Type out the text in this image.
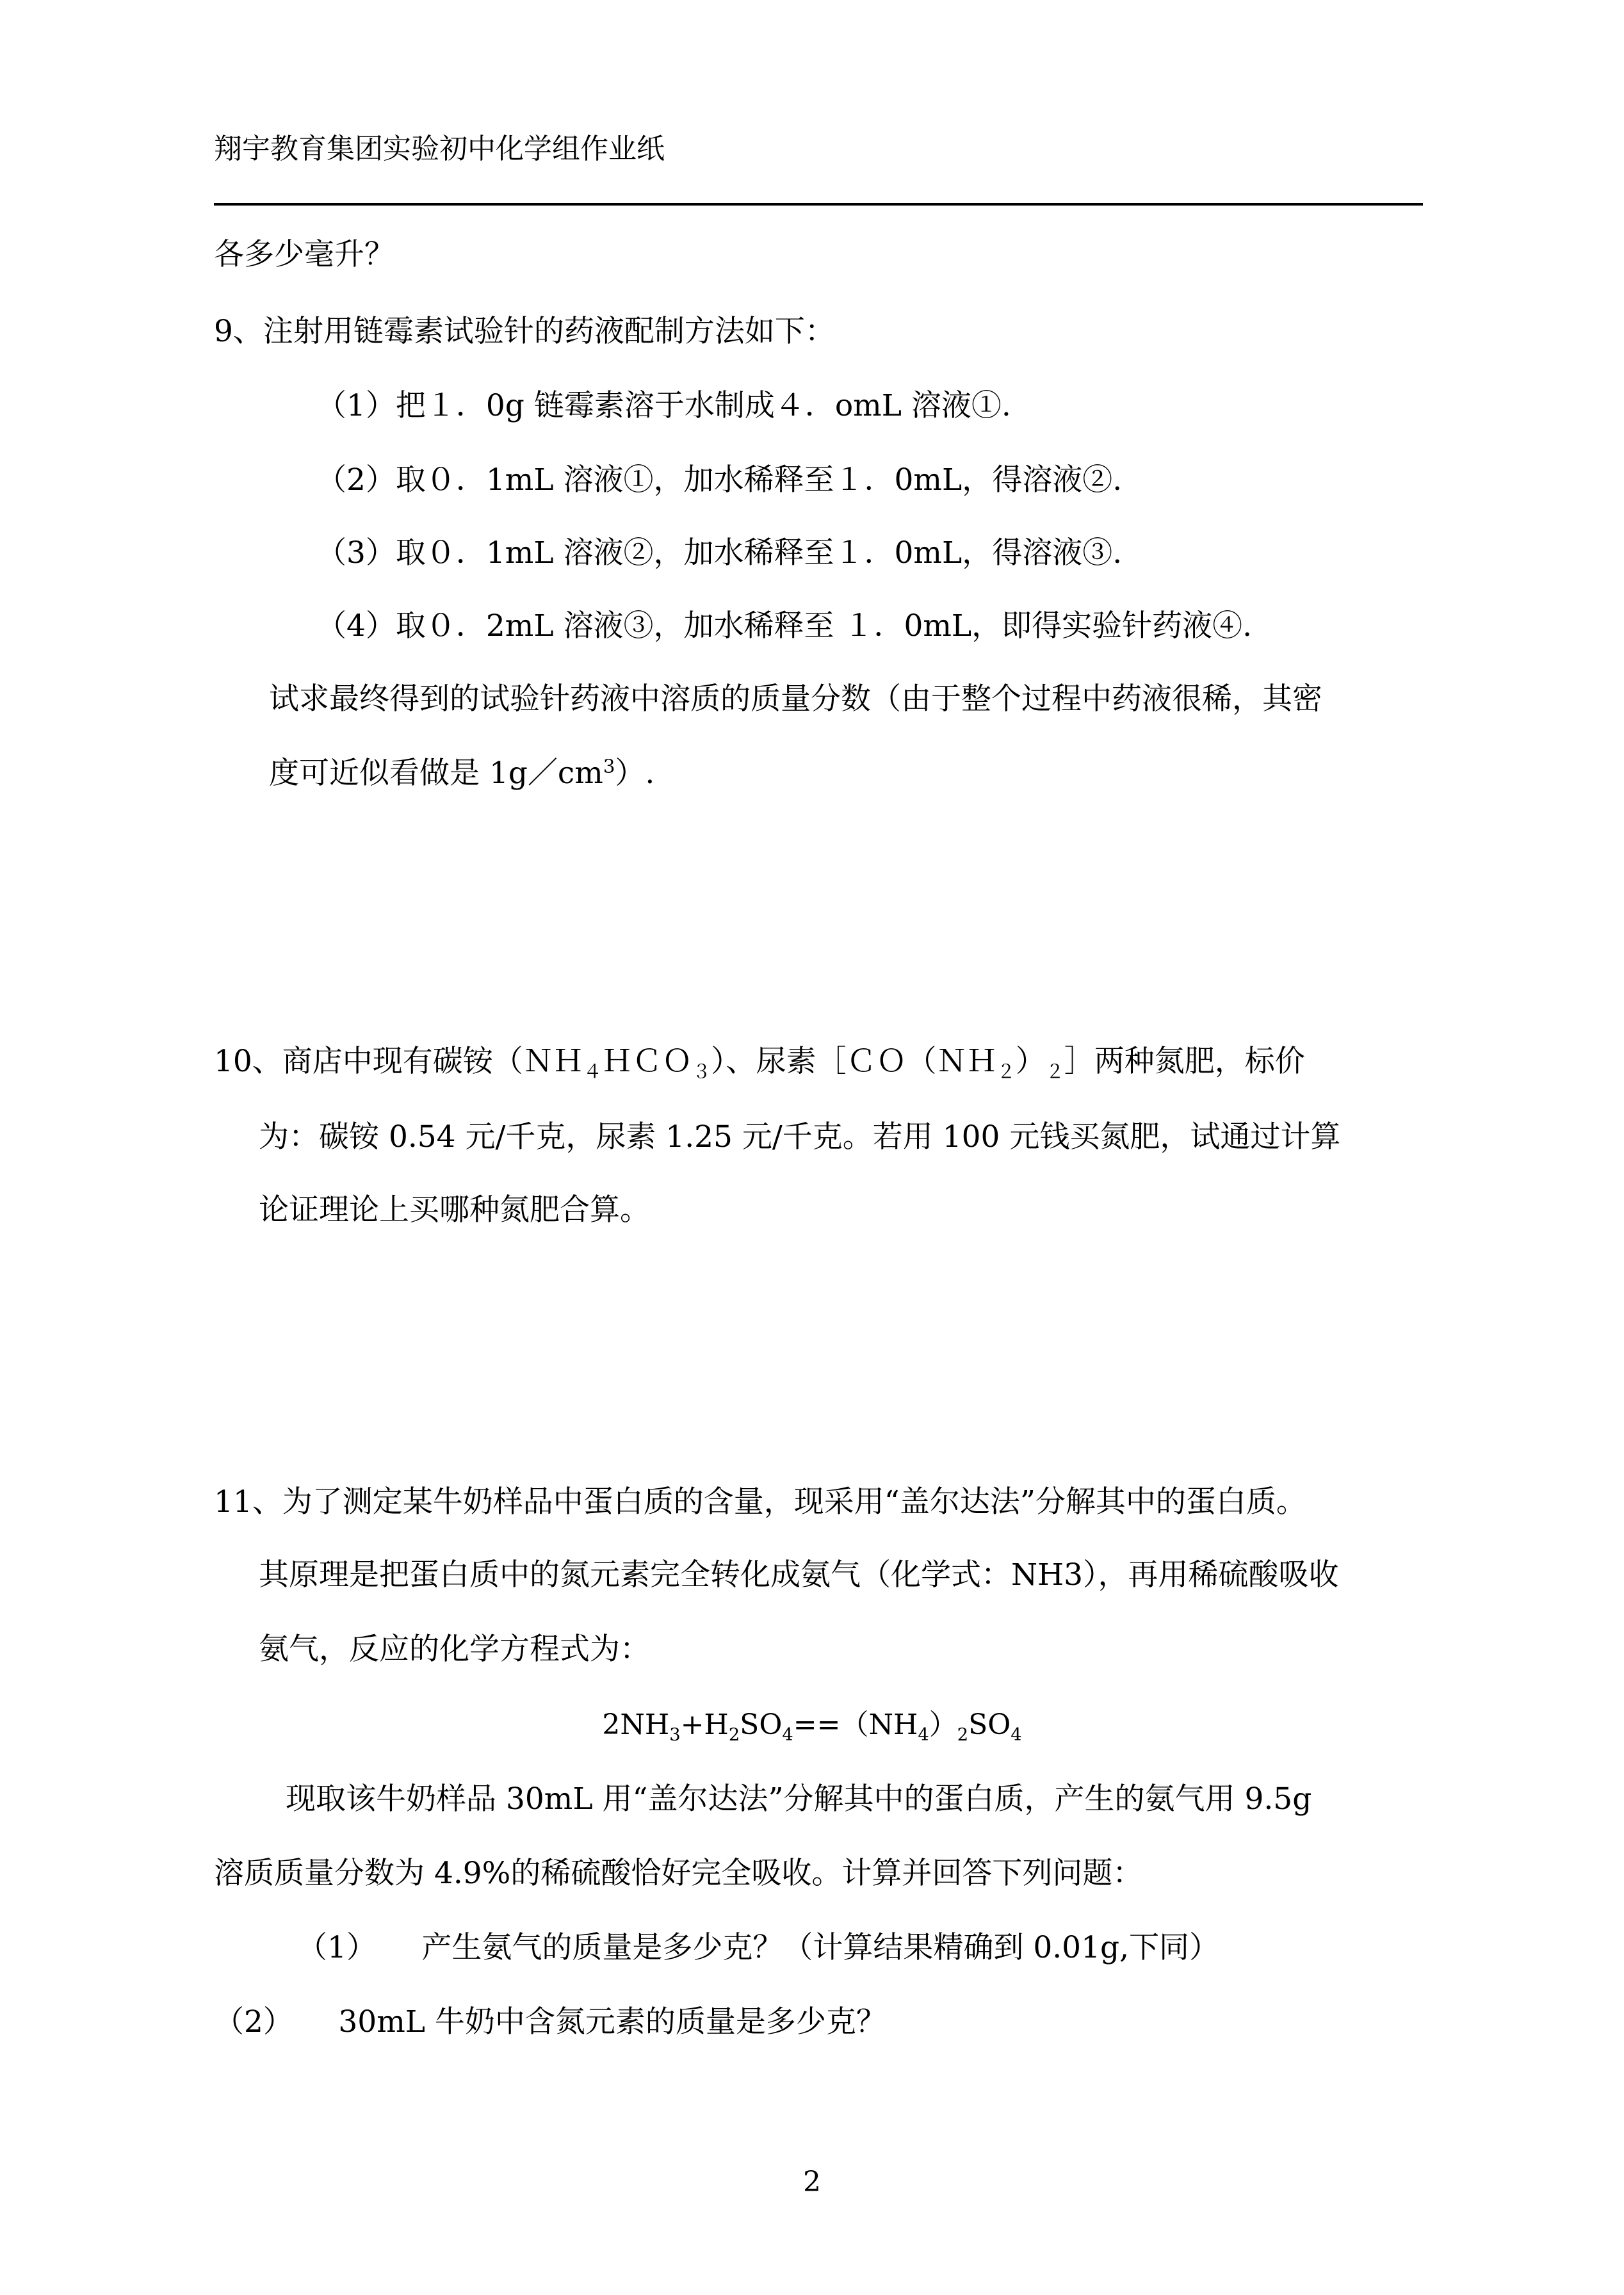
翔宇教育集团实验初中化学组作业纸

各多少毫升？

9、注射用链霉素试验针的药液配制方法如下：

（1）把１．0g 链霉素溶于水制成４．omL 溶液①.

（2）取０．1mL 溶液①，加水稀释至１．0mL，得溶液②.

（3）取０．1mL 溶液②，加水稀释至１．0mL，得溶液③.

（4）取０．2mL 溶液③，加水稀释至 １．0mL，即得实验针药液④.

试求最终得到的试验针药液中溶质的质量分数（由于整个过程中药液很稀，其密

度可近似看做是 $1g/cm^3$）.

10、商店中现有碳铵（ＮＨ$_4$ＨＣＯ$_3$）、尿素$[CO(NH_2)_2]$两种氮肥，标价

为：碳铵 0.54 元/千克，尿素 1.25 元/千克。若用 100 元钱买氮肥，试通过计算

论证理论上买哪种氮肥合算。

11、为了测定某牛奶样品中蛋白质的含量，现采用“盖尔达法”分解其中的蛋白质。

其原理是把蛋白质中的氮元素完全转化成氨气（化学式：NH3），再用稀硫酸吸收

氨气，反应的化学方程式为：

$2NH_3+H_2SO_4==(NH_4)_2SO_4$

现取该牛奶样品 30mL 用“盖尔达法”分解其中的蛋白质，产生的氨气用 9.5g

溶质质量分数为 4.9%的稀硫酸恰好完全吸收。计算并回答下列问题：

（1）　　产生氨气的质量是多少克？（计算结果精确到 0.01g,下同）

（2）　　30mL 牛奶中含氮元素的质量是多少克？

2
